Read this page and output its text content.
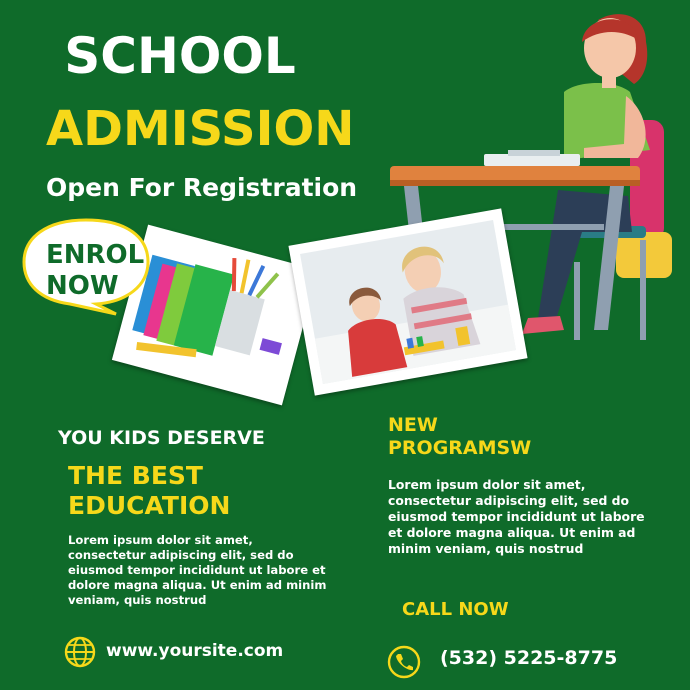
SCHOOL
ADMISSION
Open For Registration
ENROL
NOW
YOU KIDS DESERVE
THE BEST
EDUCATION
Lorem ipsum dolor sit amet, consectetur adipiscing elit, sed do eiusmod tempor incididunt ut labore et dolore magna aliqua. Ut enim ad minim veniam, quis nostrud
NEW
PROGRAMSW
Lorem ipsum dolor sit amet, consectetur adipiscing elit, sed do eiusmod tempor incididunt ut labore et dolore magna aliqua. Ut enim ad minim veniam, quis nostrud
CALL NOW
www.yoursite.com	(532) 5225-8775
